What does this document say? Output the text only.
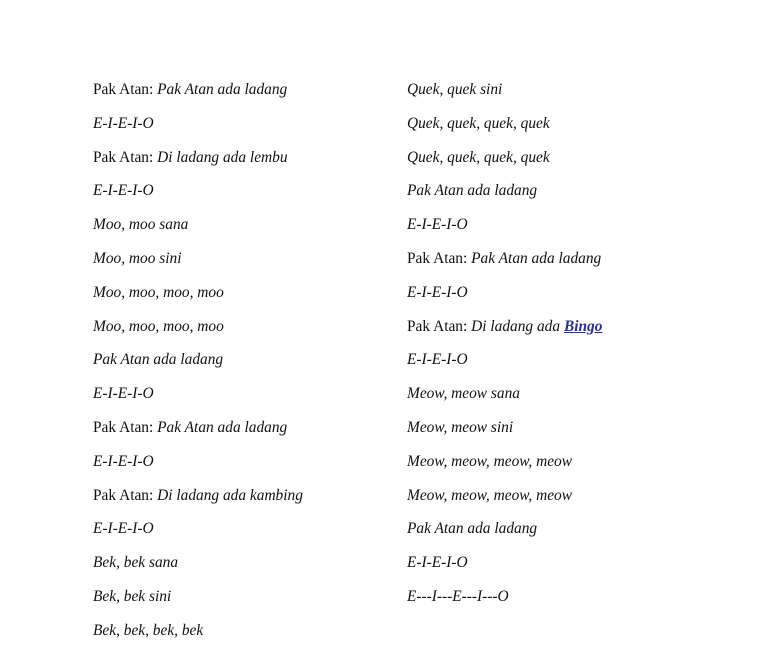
Pak Atan: Pak Atan ada ladang
E-I-E-I-O
Pak Atan: Di ladang ada lembu
E-I-E-I-O
Moo, moo sana
Moo, moo sini
Moo, moo, moo, moo
Moo, moo, moo, moo
Pak Atan ada ladang
E-I-E-I-O
Pak Atan: Pak Atan ada ladang
E-I-E-I-O
Pak Atan: Di ladang ada kambing
E-I-E-I-O
Bek, bek sana
Bek, bek sini
Bek, bek, bek, bek
Quek, quek sini
Quek, quek, quek, quek
Quek, quek, quek, quek
Pak Atan ada ladang
E-I-E-I-O
Pak Atan: Pak Atan ada ladang
E-I-E-I-O
Pak Atan: Di ladang ada Bingo
E-I-E-I-O
Meow, meow sana
Meow, meow sini
Meow, meow, meow, meow
Meow, meow, meow, meow
Pak Atan ada ladang
E-I-E-I-O
E---I---E---I---O
